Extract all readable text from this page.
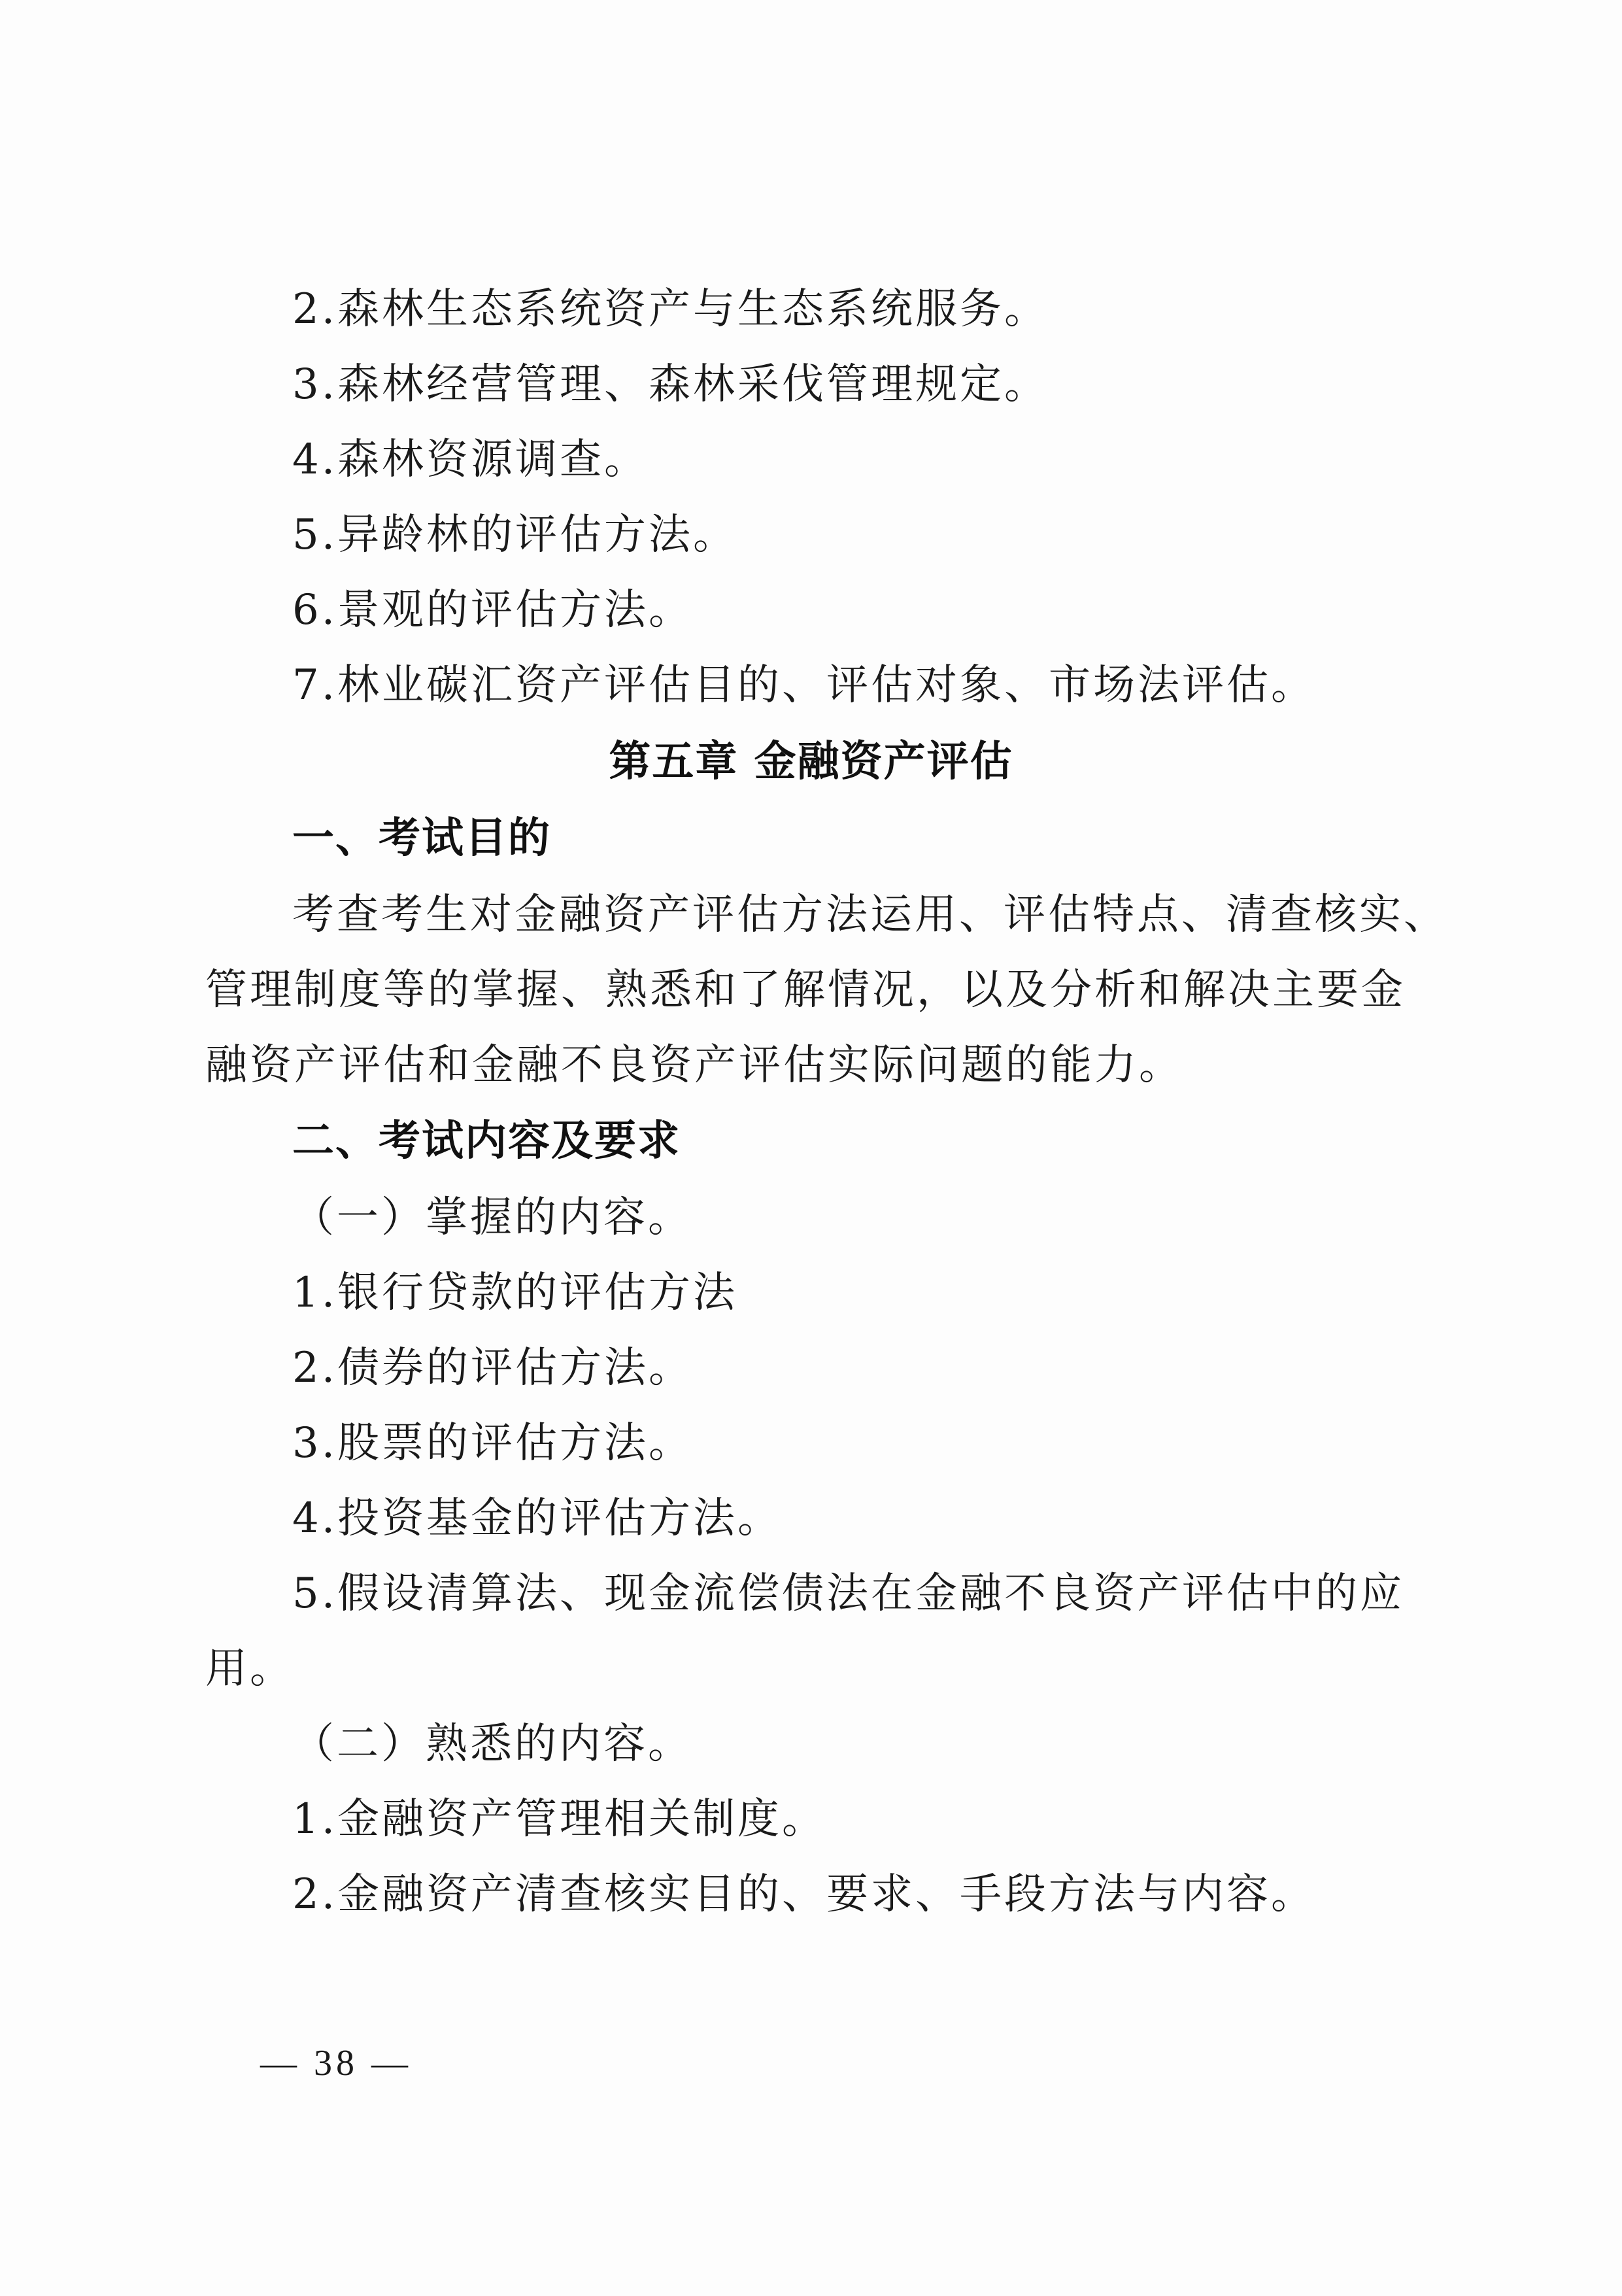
2.森林生态系统资产与生态系统服务。

3.森林经营管理、森林采伐管理规定。

4.森林资源调查。

5.异龄林的评估方法。

6.景观的评估方法。

7.林业碳汇资产评估目的、评估对象、市场法评估。

第五章 金融资产评估

一、考试目的

考查考生对金融资产评估方法运用、评估特点、清查核实、

管理制度等的掌握、熟悉和了解情况，以及分析和解决主要金

融资产评估和金融不良资产评估实际问题的能力。

二、考试内容及要求

（一）掌握的内容。

1.银行贷款的评估方法

2.债券的评估方法。

3.股票的评估方法。

4.投资基金的评估方法。

5.假设清算法、现金流偿债法在金融不良资产评估中的应

用。

（二）熟悉的内容。

1.金融资产管理相关制度。

2.金融资产清查核实目的、要求、手段方法与内容。

— 38 —
